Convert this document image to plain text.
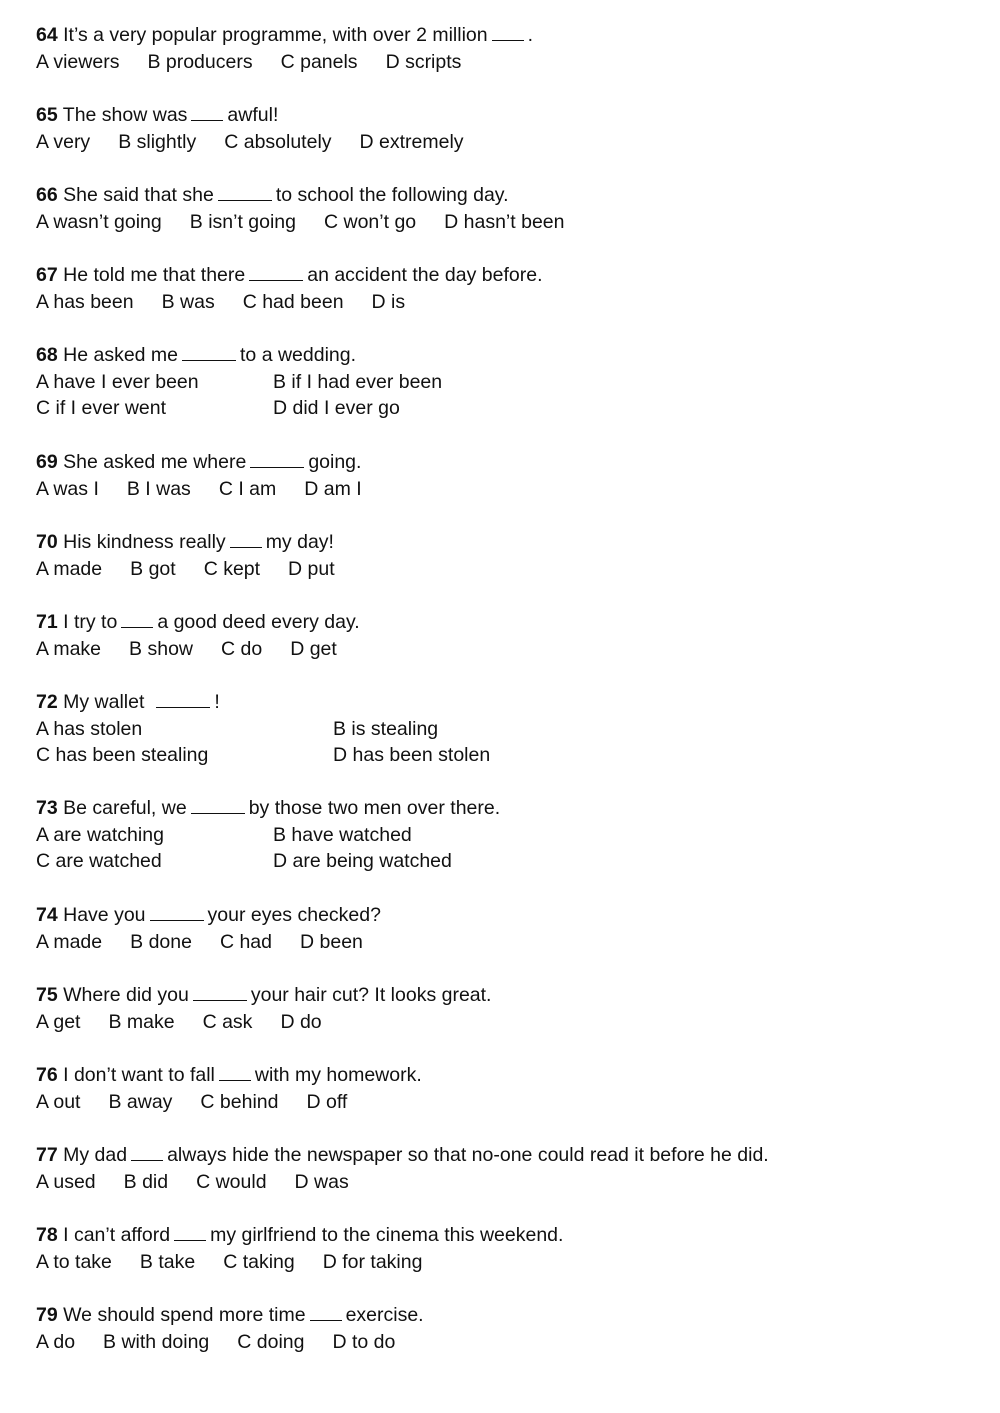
64 It’s a very popular programme, with over 2 million .
A viewers B producers C panels D scripts
65 The show was awful!
A very B slightly C absolutely D extremely
66 She said that she	to school the following day.
A wasn’t going B isn’t going C won’t go D hasn’t been
67 He told me that there	an accident the day before.
A has been B was C had been D is
68 He asked me	to a wedding.
A have I ever been	B if I had ever been
C if I ever went	D did I ever go
69 She asked me where	going.
A was I B I was C I am D am I
70 His kindness really my day!
A made B got C kept D put
71 I try to a good deed every day.
A make B show C do D get
72 My wallet	!
A has stolen	B is stealing
C has been stealing	D has been stolen
73 Be careful, we	by those two men over there.
A are watching	B have watched
C are watched	D are being watched
74 Have you	your eyes checked?
A made B done C had D been
75 Where did you	your hair cut? It looks great.
A get B make C ask D do
76 I don’t want to fall with my homework.
A out B away C behind D off
77 My dad always hide the newspaper so that no-one could read it before he did.
A used B did C would D was
78 I can’t afford my girlfriend to the cinema this weekend.
A to take B take C taking D for taking
79 We should spend more time exercise.
A do B with doing C doing D to do
